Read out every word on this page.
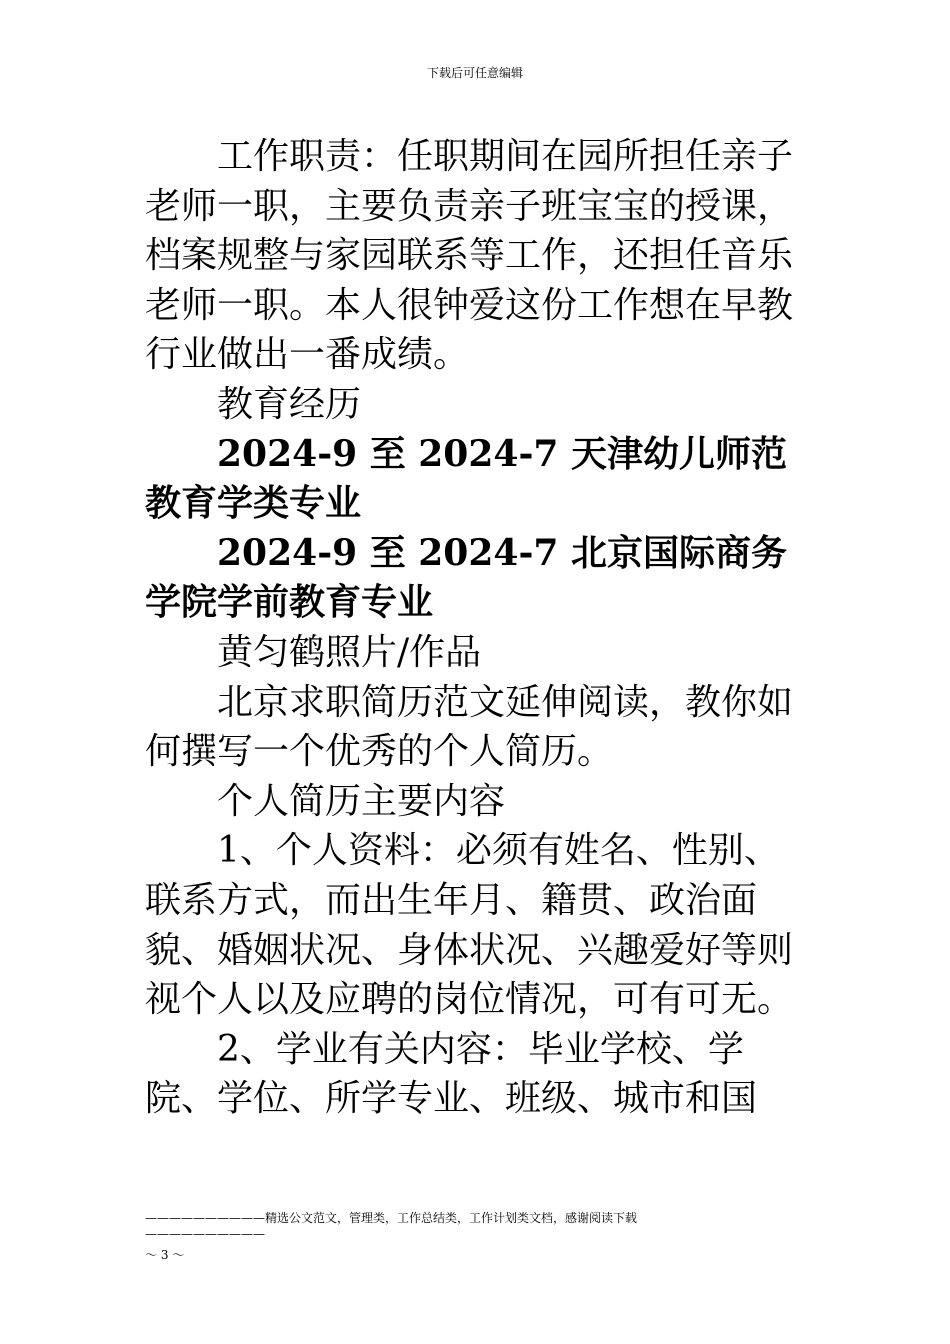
下载后可任意编辑

工作职责：任职期间在园所担任亲子老师一职，主要负责亲子班宝宝的授课，档案规整与家园联系等工作，还担任音乐老师一职。本人很钟爱这份工作想在早教行业做出一番成绩。

教育经历

2024-9 至 2024-7 天津幼儿师范教育学类专业

2024-9 至 2024-7 北京国际商务学院学前教育专业

黄匀鹤照片/作品

北京求职简历范文延伸阅读，教你如何撰写一个优秀的个人简历。

个人简历主要内容

1、个人资料：必须有姓名、性别、联系方式，而出生年月、籍贯、政治面貌、婚姻状况、身体状况、兴趣爱好等则视个人以及应聘的岗位情况，可有可无。

2、学业有关内容：毕业学校、学院、学位、所学专业、班级、城市和国

——————————精选公文范文，管理类，工作总结类，工作计划类文档，感谢阅读下载——————————
～ 3 ～
